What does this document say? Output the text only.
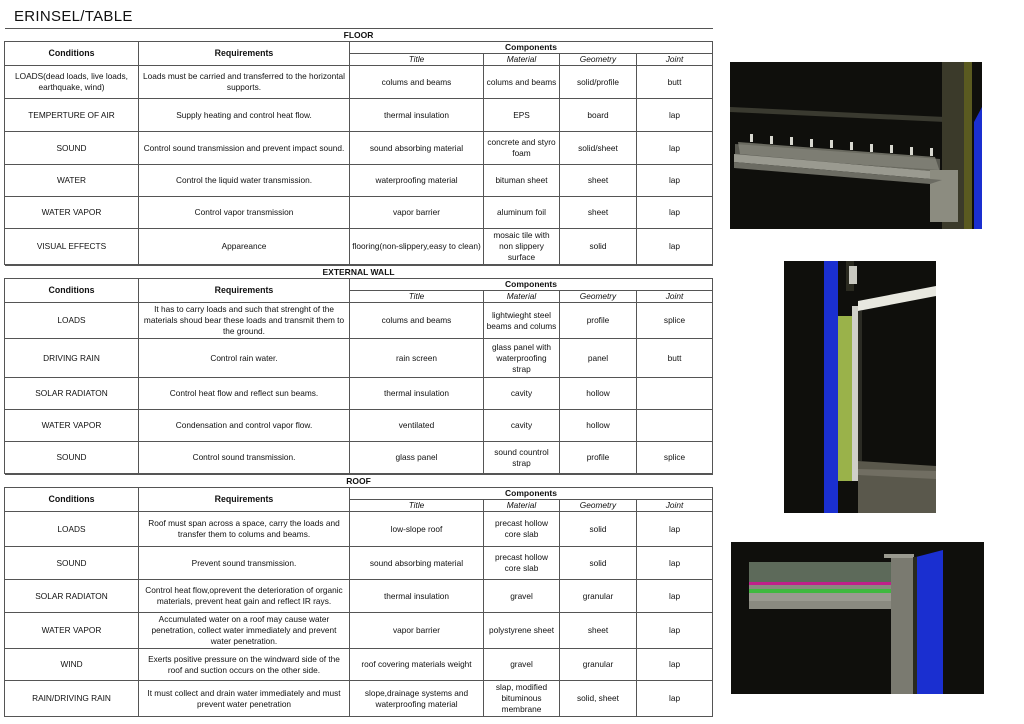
ERINSEL/TABLE
FLOOR					
Conditions	Requirements	Components			
		Title	Material	Geometry	Joint
LOADS(dead loads, live loads, earthquake, wind)	Loads must be carried and transferred to the horizontal supports.	colums and beams	colums and beams	solid/profile	butt
TEMPERTURE OF AIR	Supply heating and control heat flow.	thermal insulation	EPS	board	lap
SOUND	Control sound transmission and prevent impact sound.	sound absorbing material	concrete and styro foam	solid/sheet	lap
WATER	Control the liquid water transmission.	waterproofing material	bituman sheet	sheet	lap
WATER VAPOR	Control vapor transmission	vapor barrier	aluminum foil	sheet	lap
VISUAL EFFECTS	Appareance	flooring(non-slippery,easy to clean)	mosaic tile with non slippery surface	solid	lap
EXTERNAL WALL					
Conditions	Requirements	Components			
		Title	Material	Geometry	Joint
LOADS	It has to carry loads and such that strenght of the materials shoud bear these loads and transmit them to the ground.	colums and beams	lightwieght steel beams and colums	profile	splice
DRIVING RAIN	Control rain water.	rain screen	glass panel with waterproofing strap	panel	butt
SOLAR RADIATON	Control heat flow and reflect sun beams.	thermal insulation	cavity	hollow	
WATER VAPOR	Condensation and control vapor flow.	ventilated	cavity	hollow	
SOUND	Control sound transmission.	glass panel	sound countrol strap	profile	splice
ROOF					
Conditions	Requirements	Components			
		Title	Material	Geometry	Joint
LOADS	Roof must span across a space, carry the loads and transfer them to colums and beams.	low-slope roof	precast hollow core slab	solid	lap
SOUND	Prevent sound transmission.	sound absorbing material	precast hollow core slab	solid	lap
SOLAR RADIATON	Control heat flow,oprevent the deterioration of organic materials, prevent heat gain and reflect IR rays.	thermal insulation	gravel	granular	lap
WATER VAPOR	Accumulated water on a roof may cause water penetration, collect water immediately and prevent water penetration.	vapor barrier	polystyrene sheet	sheet	lap
WIND	Exerts positive pressure on the windward side of the roof and suction occurs on the other side.	roof covering materials weight	gravel	granular	lap
RAIN/DRIVING RAIN	It must collect and drain water immediately and must prevent water penetration	slope,drainage systems and waterproofing material	slap, modified bituminous membrane	solid, sheet	lap
